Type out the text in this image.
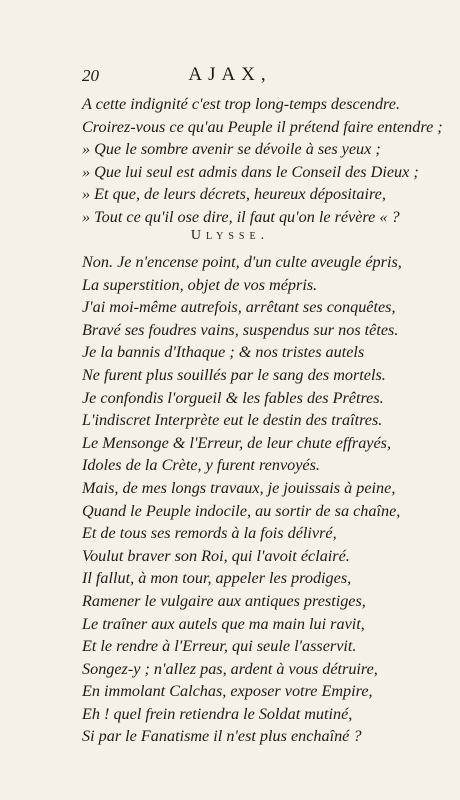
20	AJAX,
A cette indignité c'est trop long-temps descendre.
Croirez-vous ce qu'au Peuple il prétend faire entendre ;
» Que le sombre avenir se dévoile à ses yeux ;
» Que lui seul est admis dans le Conseil des Dieux ;
» Et que, de leurs décrets, heureux dépositaire,
» Tout ce qu'il ose dire, il faut qu'on le révère « ?
Ulysse.
Non. Je n'encense point, d'un culte aveugle épris,
La superstition, objet de vos mépris.
J'ai moi-même autrefois, arrêtant ses conquêtes,
Bravé ses foudres vains, suspendus sur nos têtes.
Je la bannis d'Ithaque ; & nos tristes autels
Ne furent plus souillés par le sang des mortels.
Je confondis l'orgueil & les fables des Prêtres.
L'indiscret Interprète eut le destin des traîtres.
Le Mensonge & l'Erreur, de leur chute effrayés,
Idoles de la Crète, y furent renvoyés.
Mais, de mes longs travaux, je jouissais à peine,
Quand le Peuple indocile, au sortir de sa chaîne,
Et de tous ses remords à la fois délivré,
Voulut braver son Roi, qui l'avoit éclairé.
Il fallut, à mon tour, appeler les prodiges,
Ramener le vulgaire aux antiques prestiges,
Le traîner aux autels que ma main lui ravit,
Et le rendre à l'Erreur, qui seule l'asservit.
Songez-y ; n'allez pas, ardent à vous détruire,
En immolant Calchas, exposer votre Empire,
Eh ! quel frein retiendra le Soldat mutiné,
Si par le Fanatisme il n'est plus enchaîné ?
